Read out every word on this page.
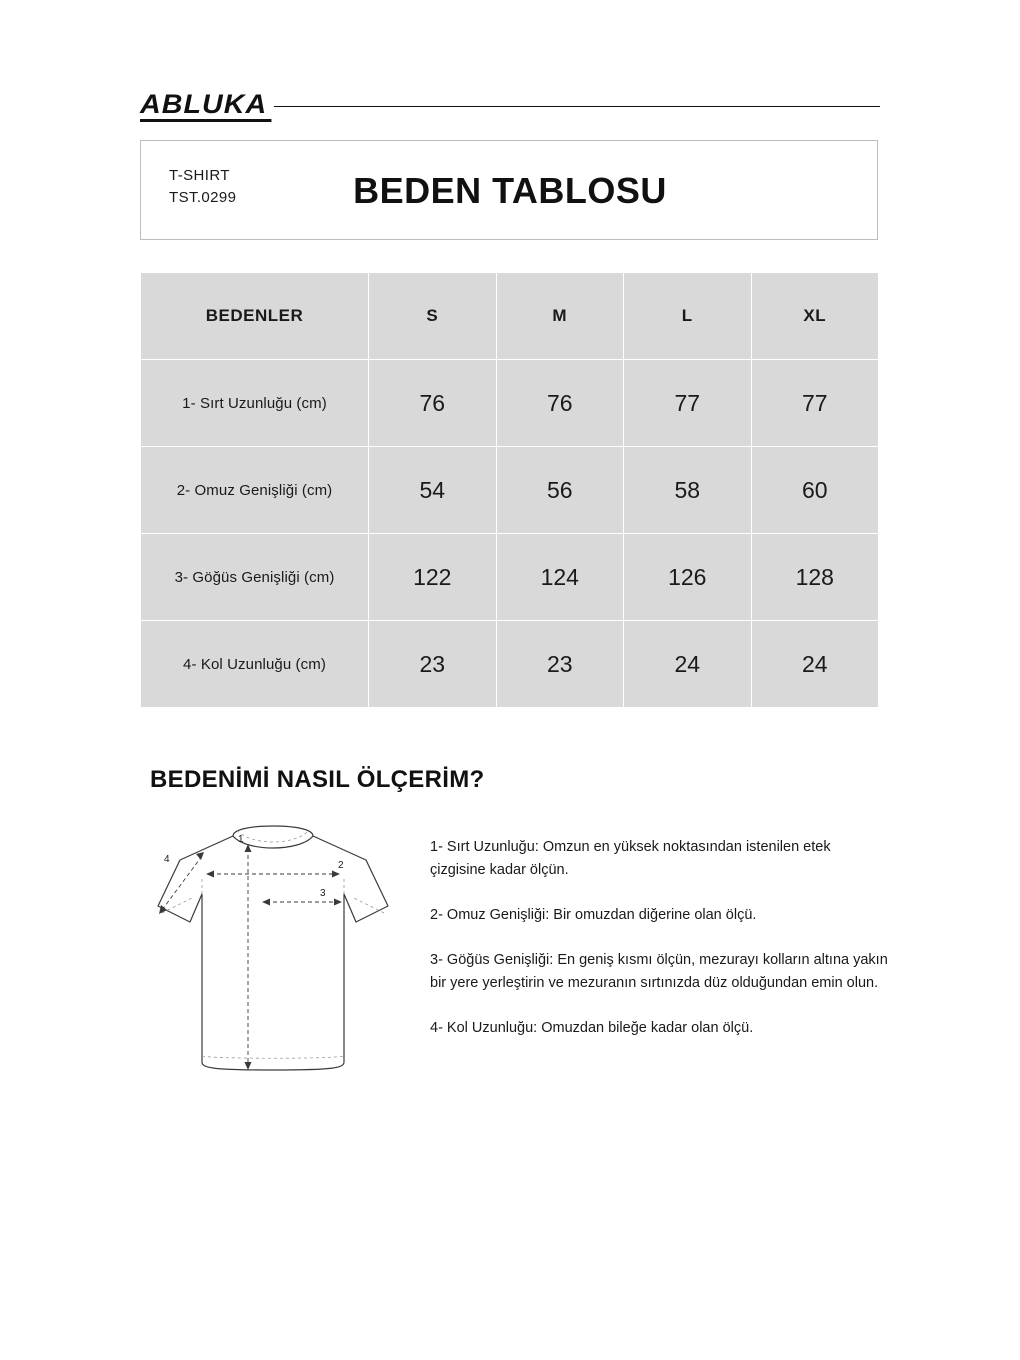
ABLUKA
T-SHIRT
TST.0299	BEDEN TABLOSU
BEDENLER	S	M	L	XL
1- Sırt Uzunluğu (cm)	76	76	77	77
2- Omuz Genişliği (cm)	54	56	58	60
3- Göğüs Genişliği (cm)	122	124	126	128
4- Kol Uzunluğu (cm)	23	23	24	24
BEDENİMİ NASIL ÖLÇERİM?
1
2
3
4

1- Sırt Uzunluğu: Omzun en yüksek noktasından istenilen etek çizgisine kadar ölçün.

2- Omuz Genişliği: Bir omuzdan diğerine olan ölçü.

3- Göğüs Genişliği: En geniş kısmı ölçün, mezurayı kolların altına yakın bir yere yerleştirin ve mezuranın sırtınızda düz olduğundan emin olun.

4- Kol Uzunluğu: Omuzdan bileğe kadar olan ölçü.
